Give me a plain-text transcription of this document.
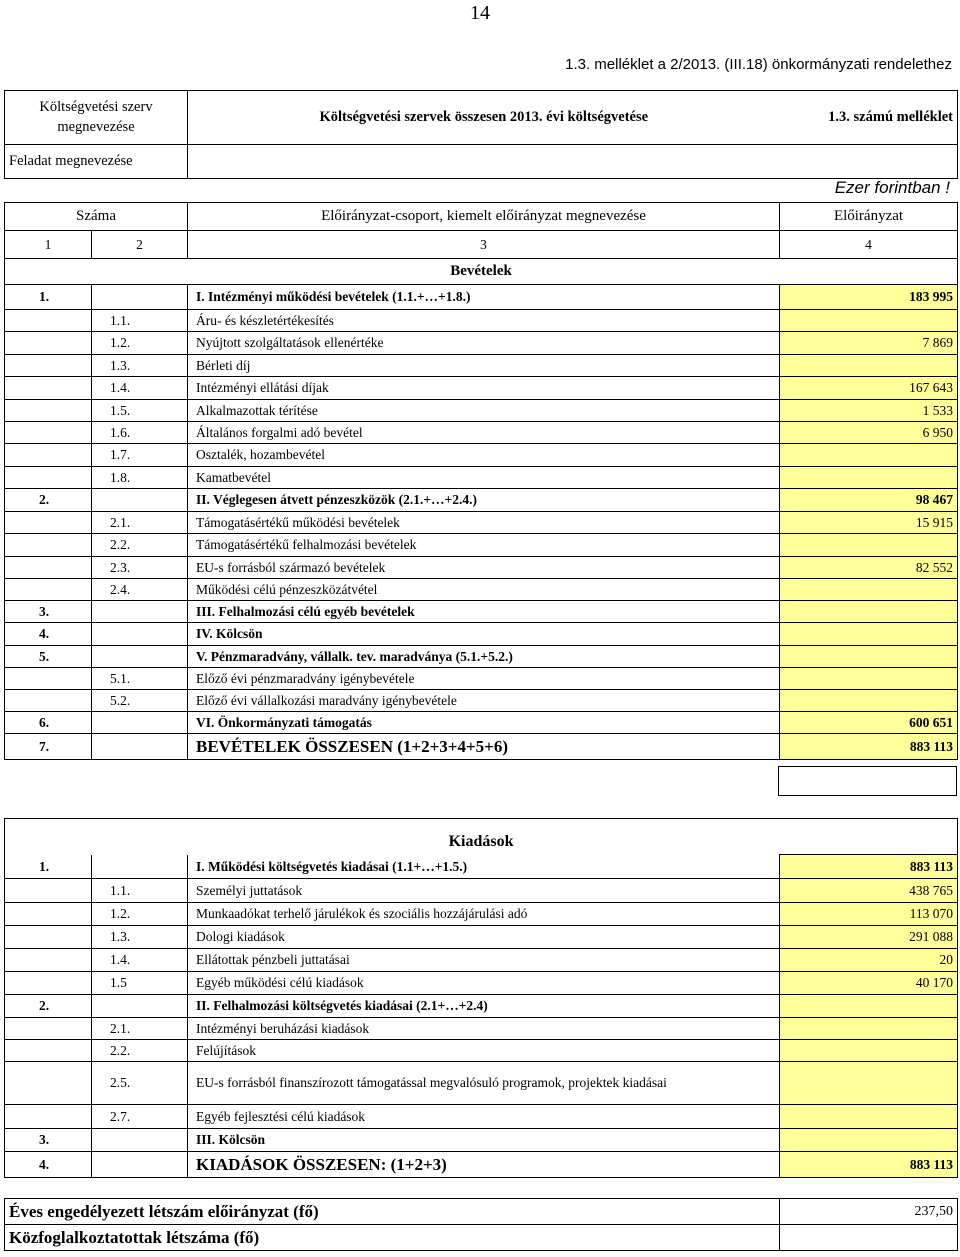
14
1.3. melléklet a 2/2013. (III.18) önkormányzati rendelethez
Költségvetési szerv megnevezése	Költségvetési szervek összesen 2013. évi költségvetése	1.3. számú melléklet
Feladat megnevezése		
Ezer forintban !
Száma		Előirányzat-csoport, kiemelt előirányzat megnevezése	Előirányzat
1	2	3	4
Bevételek			
1.		I. Intézményi működési bevételek (1.1.+…+1.8.)	183 995
	1.1.	Áru- és készletértékesítés	
	1.2.	Nyújtott szolgáltatások ellenértéke	7 869
	1.3.	Bérleti díj	
	1.4.	Intézményi ellátási díjak	167 643
	1.5.	Alkalmazottak térítése	1 533
	1.6.	Általános forgalmi adó bevétel	6 950
	1.7.	Osztalék, hozambevétel	
	1.8.	Kamatbevétel	
2.		II. Véglegesen átvett pénzeszközök (2.1.+…+2.4.)	98 467
	2.1.	Támogatásértékű működési bevételek	15 915
	2.2.	Támogatásértékű felhalmozási bevételek	
	2.3.	EU-s forrásból származó bevételek	82 552
	2.4.	Működési célú pénzeszközátvétel	
3.		III. Felhalmozási célú egyéb bevételek	
4.		IV. Kölcsön	
5.		V. Pénzmaradvány, vállalk. tev. maradványa (5.1.+5.2.)	
	5.1.	Előző évi pénzmaradvány igénybevétele	
	5.2.	Előző évi vállalkozási maradvány igénybevétele	
6.		VI. Önkormányzati támogatás	600 651
7.		BEVÉTELEK ÖSSZESEN (1+2+3+4+5+6)	883 113
Kiadások			
1.		I. Működési költségvetés kiadásai (1.1+…+1.5.)	883 113
	1.1.	Személyi juttatások	438 765
	1.2.	Munkaadókat terhelő járulékok és szociális hozzájárulási adó	113 070
	1.3.	Dologi kiadások	291 088
	1.4.	Ellátottak pénzbeli juttatásai	20
	1.5	Egyéb működési célú kiadások	40 170
2.		II. Felhalmozási költségvetés kiadásai (2.1+…+2.4)	
	2.1.	Intézményi beruházási kiadások	
	2.2.	Felújítások	
	2.5.	EU-s forrásból finanszírozott támogatással megvalósuló programok, projektek kiadásai	
	2.7.	Egyéb fejlesztési célú kiadások	
3.		III. Kölcsön	
4.		KIADÁSOK ÖSSZESEN: (1+2+3)	883 113
Éves engedélyezett létszám előirányzat (fő)	237,50
Közfoglalkoztatottak létszáma (fő)	
